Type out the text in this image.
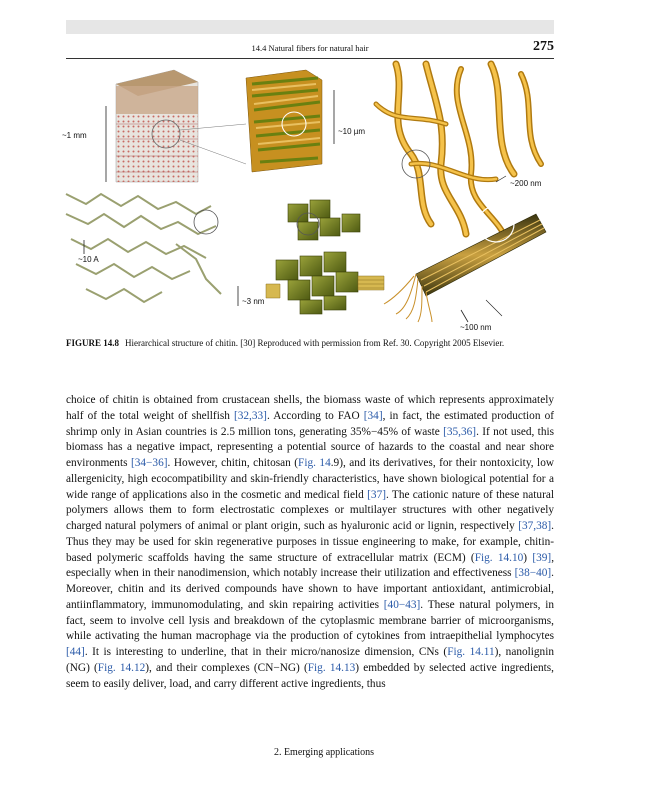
14.4 Natural fibers for natural hair	275
~1 mm	~10 µm
~200 nm
~10 A
~3 nm
~100 nm
FIGURE 14.8 Hierarchical structure of chitin. [30] Reproduced with permission from Ref. 30. Copyright 2005 Elsevier.

choice of chitin is obtained from crustacean shells, the biomass waste of which represents approximately half of the total weight of shellfish [32,33]. According to FAO [34], in fact, the estimated production of shrimp only in Asian countries is 2.5 million tons, generating 35%−45% of waste [35,36]. If not used, this biomass has a negative impact, representing a potential source of hazards to the coastal and near shore environments [34−36]. However, chitin, chitosan (Fig. 14.9), and its derivatives, for their nontoxicity, low allergenicity, high ecocompatibility and skin-friendly characteristics, have shown biological potential for a wide range of applications also in the cosmetic and medical field [37]. The cationic nature of these natural polymers allows them to form electrostatic complexes or multilayer structures with other negatively charged natural polymers of animal or plant origin, such as hyaluronic acid or lignin, respectively [37,38]. Thus they may be used for skin regenerative purposes in tissue engineering to make, for example, chitin-based polymeric scaffolds having the same structure of extracellular matrix (ECM) (Fig. 14.10) [39], especially when in their nanodimension, which notably increase their utilization and effectiveness [38−40]. Moreover, chitin and its derived compounds have shown to have important antioxidant, antimicrobial, antiinflammatory, immunomodulating, and skin repairing activities [40−43]. These natural polymers, in fact, seem to involve cell lysis and breakdown of the cytoplasmic membrane barrier of microorganisms, while activating the human macrophage via the production of cytokines from intraepithelial lymphocytes [44]. It is interesting to underline, that in their micro/nanosize dimension, CNs (Fig. 14.11), nanolignin (NG) (Fig. 14.12), and their complexes (CN−NG) (Fig. 14.13) embedded by selected active ingredients, seem to easily deliver, load, and carry different active ingredients, thus

2. Emerging applications
